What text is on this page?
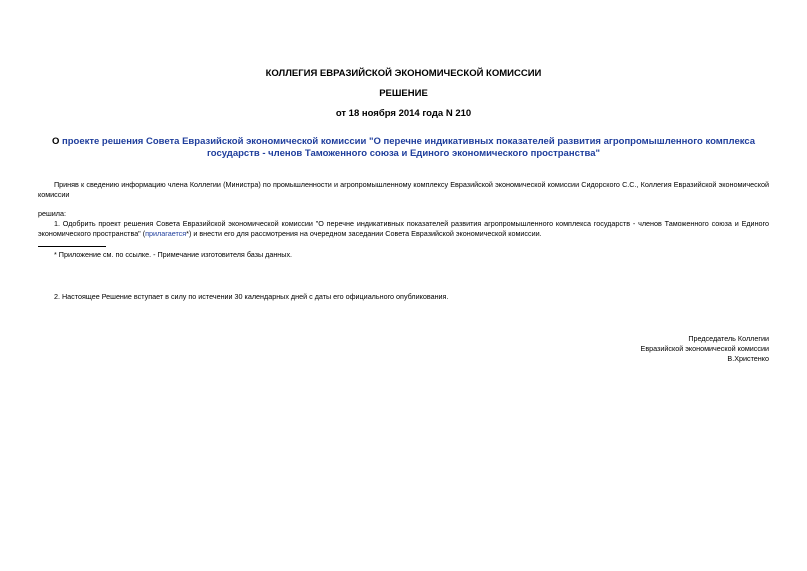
КОЛЛЕГИЯ ЕВРАЗИЙСКОЙ ЭКОНОМИЧЕСКОЙ КОМИССИИ
РЕШЕНИЕ
от 18 ноября 2014 года N 210
О проекте решения Совета Евразийской экономической комиссии "О перечне индикативных показателей развития агропромышленного комплекса государств - членов Таможенного союза и Единого экономического пространства"
Приняв к сведению информацию члена Коллегии (Министра) по промышленности и агропромышленному комплексу Евразийской экономической комиссии Сидорского С.С., Коллегия Евразийской экономической комиссии
решила:
1. Одобрить проект решения Совета Евразийской экономической комиссии "О перечне индикативных показателей развития агропромышленного комплекса государств - членов Таможенного союза и Единого экономического пространства" (прилагается*) и внести его для рассмотрения на очередном заседании Совета Евразийской экономической комиссии.
* Приложение см. по ссылке. - Примечание изготовителя базы данных.
2. Настоящее Решение вступает в силу по истечении 30 календарных дней с даты его официального опубликования.
Председатель Коллегии
Евразийской экономической комиссии
В.Христенко
